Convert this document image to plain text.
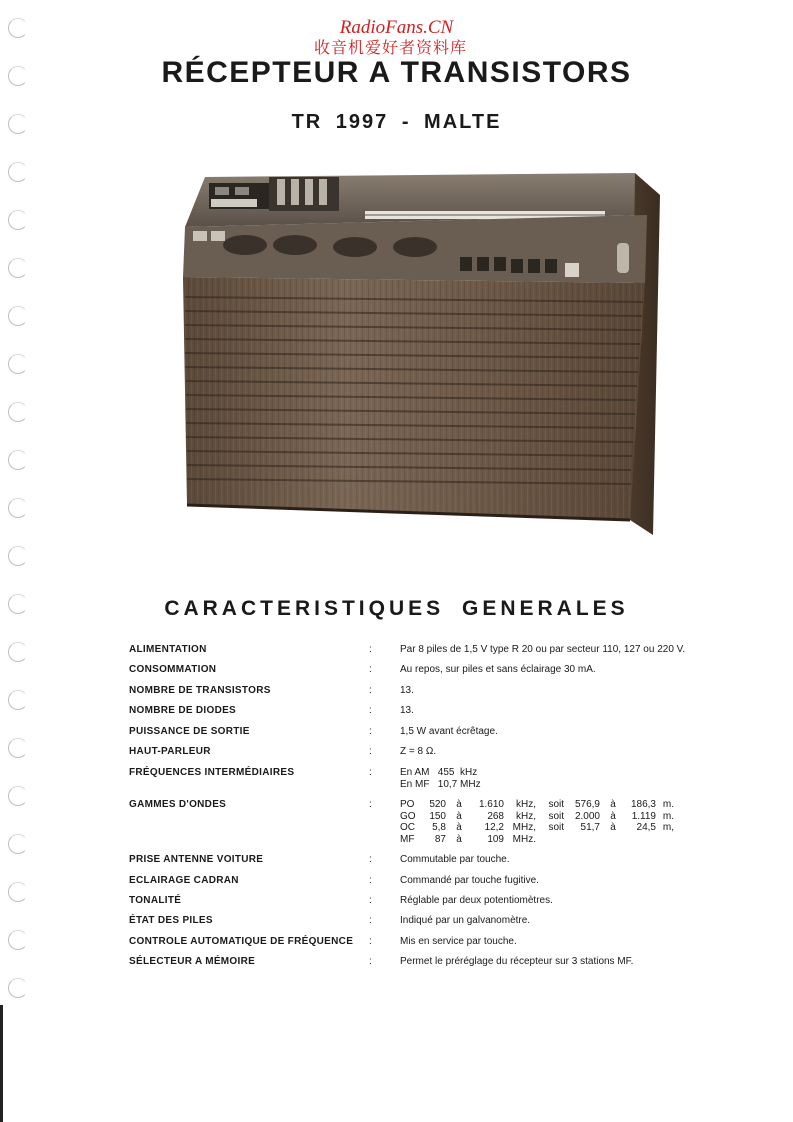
RadioFans.CN
收音机爱好者资料库
RÉCEPTEUR A TRANSISTORS
TR 1997 - MALTE
CARACTERISTIQUES GENERALES
ALIMENTATION	:	Par 8 piles de 1,5 V type R 20 ou par secteur 110, 127 ou 220 V.
CONSOMMATION	:	Au repos, sur piles et sans éclairage 30 mA.
NOMBRE DE TRANSISTORS	:	13.
NOMBRE DE DIODES	:	13.
PUISSANCE DE SORTIE	:	1,5 W avant écrêtage.
HAUT-PARLEUR	:	Z = 8 Ω.
FRÉQUENCES INTERMÉDIAIRES	:	En AM   455  kHz
En MF   10,7 MHz
GAMMES D'ONDES	:	PO 520 à 1.610 kHz, soit 576,9 à 186,3 m.
GO 150 à	268 kHz, soit 2.000 à 1.119 m.
OC 5,8 à 12,2 MHz, soit 51,7 à 24,5 m,
MF 87 à	109 MHz.
PRISE ANTENNE VOITURE	:	Commutable par touche.
ECLAIRAGE CADRAN	:	Commandé par touche fugitive.
TONALITÉ	:	Réglable par deux potentiomètres.
ÉTAT DES PILES	:	Indiqué par un galvanomètre.
CONTROLE AUTOMATIQUE DE FRÉQUENCE :	Mis en service par touche.
SÉLECTEUR A MÉMOIRE	:	Permet le préréglage du récepteur sur 3 stations MF.
